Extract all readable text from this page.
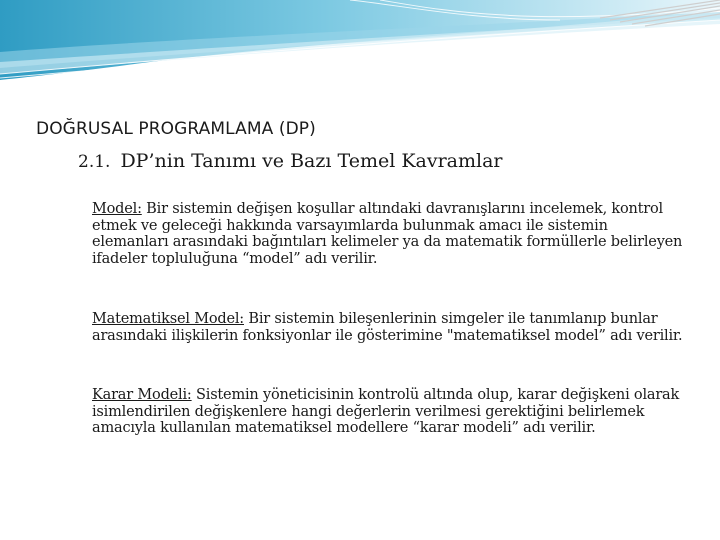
DOĞRUSAL PROGRAMLAMA (DP)
2.1. DP’nin Tanımı ve Bazı Temel Kavramlar
Model: Bir sistemin değişen koşullar altındaki davranışlarını incelemek, kontrol etmek ve geleceği hakkında varsayımlarda bulunmak amacı ile sistemin elemanları arasındaki bağıntıları kelimeler ya da matematik formüllerle belirleyen ifadeler topluluğuna “model” adı verilir.
Matematiksel Model: Bir sistemin bileşenlerinin simgeler ile tanımlanıp bunlar arasındaki ilişkilerin fonksiyonlar ile gösterimine "matematiksel model” adı verilir.
Karar Modeli: Sistemin yöneticisinin kontrolü altında olup, karar değişkeni olarak isimlendirilen değişkenlere hangi değerlerin verilmesi gerektiğini belirlemek amacıyla kullanılan matematiksel modellere “karar modeli” adı verilir.
